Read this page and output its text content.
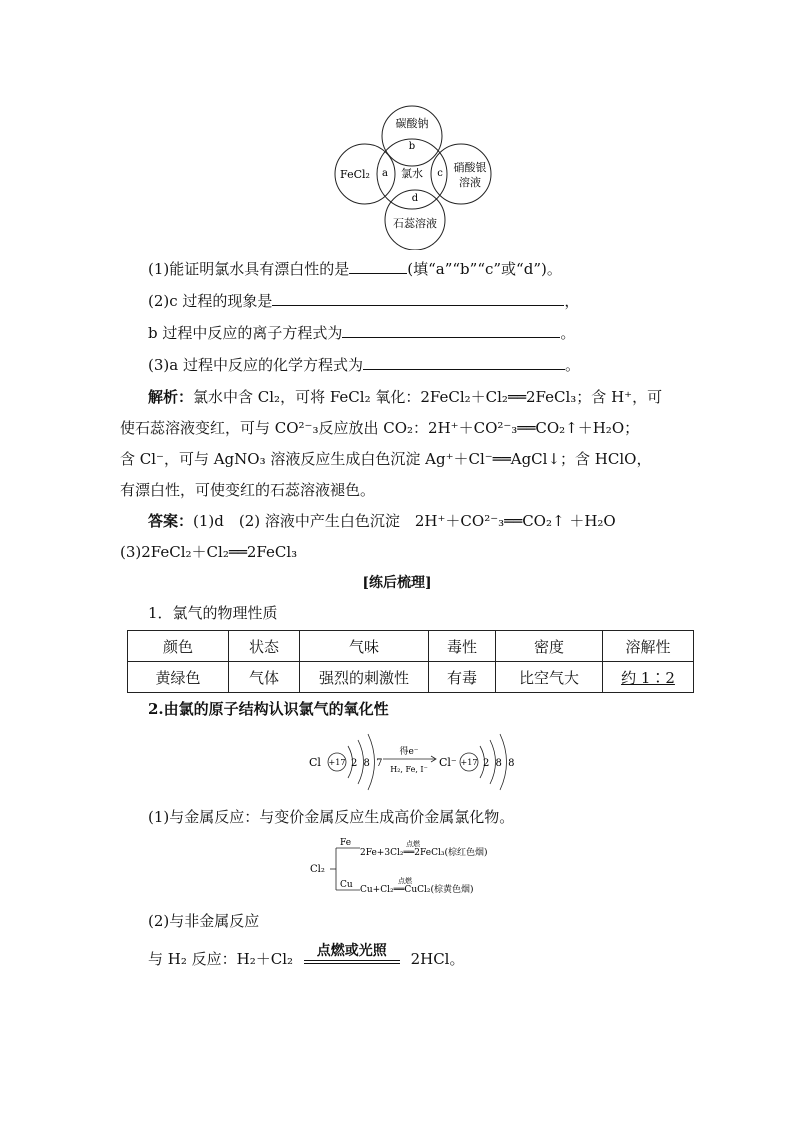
碳酸钠
b
FeCl₂ a 氯水 c 硝酸银
溶液
d
石蕊溶液
(1)能证明氯水具有漂白性的是	(填“a”“b”“c”或“d”)。
(2)c 过程的现象是	，
b 过程中反应的离子方程式为	。
(3)a 过程中反应的化学方程式为	。
解析：氯水中含 Cl₂，可将 FeCl₂ 氧化：2FeCl₂＋Cl₂══2FeCl₃；含 H⁺，可
使石蕊溶液变红，可与 CO²⁻₃反应放出 CO₂：2H⁺＋CO²⁻₃══CO₂↑＋H₂O；
含 Cl⁻，可与 AgNO₃ 溶液反应生成白色沉淀 Ag⁺＋Cl⁻══AgCl↓；含 HClO，
有漂白性，可使变红的石蕊溶液褪色。
答案：(1)d　(2) 溶液中产生白色沉淀　2H⁺＋CO²⁻₃══CO₂↑ ＋H₂O
(3)2FeCl₂＋Cl₂══2FeCl₃
[练后梳理]
1．氯气的物理性质
颜色	状态	气味	毒性	密度	溶解性
黄绿色	气体	强烈的刺激性	有毒	比空气大	约 1∶2
2.由氯的原子结构认识氯气的氧化性
Cl +17 2 8 7
得e⁻
H₂, Fe, I⁻
Cl⁻ +17 2 8 8
(1)与金属反应：与变价金属反应生成高价金属氯化物。
Cl₂
Fe
Cu
点燃
2Fe+3Cl₂══2FeCl₃(棕红色烟)
点燃
Cu+Cl₂══CuCl₂(棕黄色烟)
(2)与非金属反应
与 H₂ 反应：H₂＋Cl₂	点燃或光照	2HCl。
